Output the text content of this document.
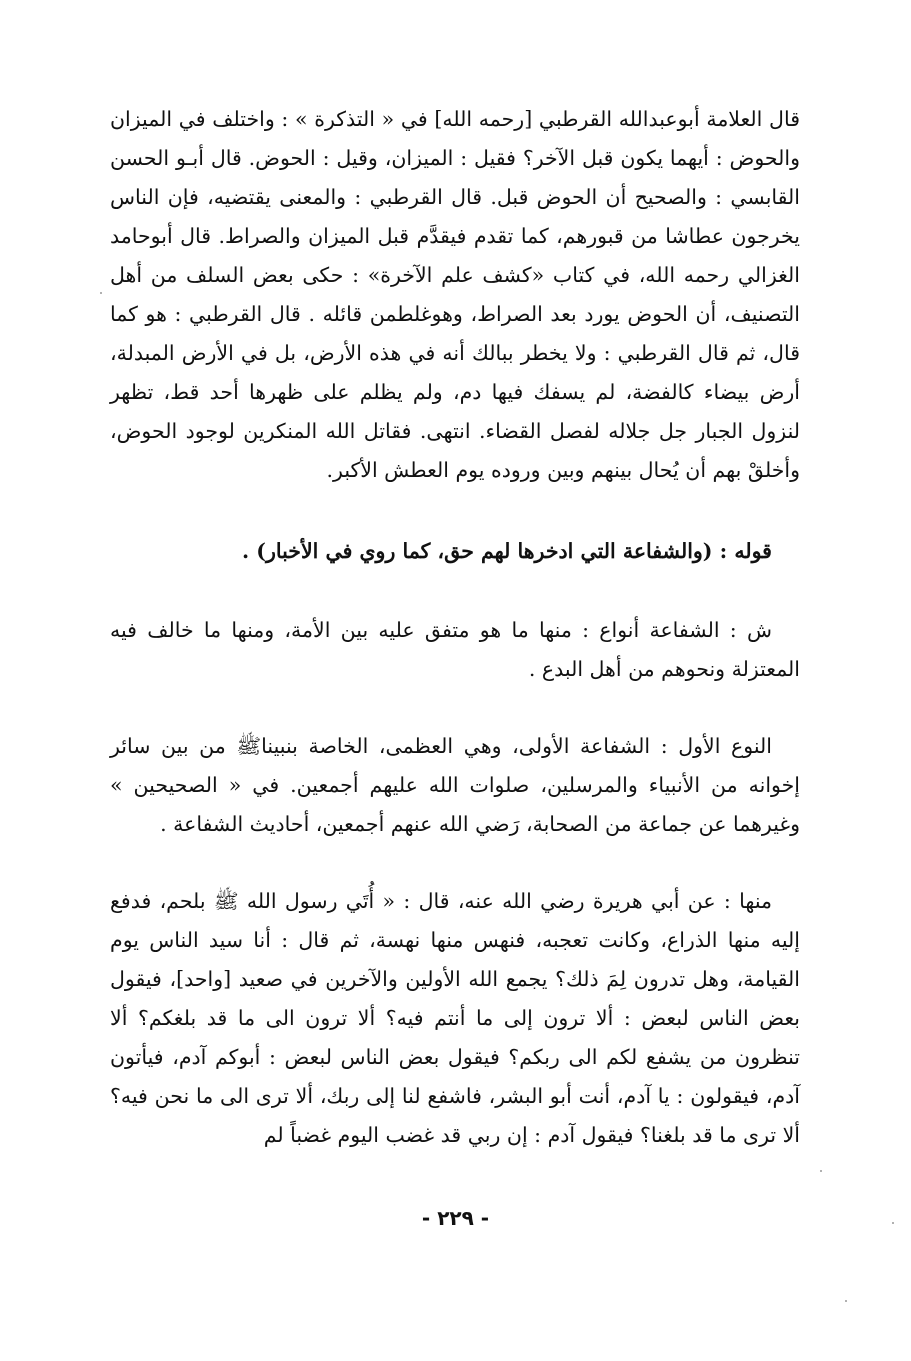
قال العلامة أبوعبدالله القرطبي [رحمه الله] في « التذكرة » : واختلف في الميزان والحوض : أيهما يكون قبل الآخر؟ فقيل : الميزان، وقيل : الحوض. قال أبـو الحسن القابسي : والصحيح أن الحوض قبل. قال القرطبي : والمعنى يقتضيه، فإن الناس يخرجون عطاشا من قبورهم، كما تقدم فيقدَّم قبل الميزان والصراط. قال أبوحامد الغزالي رحمه الله، في كتاب «كشف علم الآخرة» : حكى بعض السلف من أهل التصنيف، أن الحوض يورد بعد الصراط، وهوغلطمن قائله . قال القرطبي : هو كما قال، ثم قال القرطبي : ولا يخطر ببالك أنه في هذه الأرض، بل في الأرض المبدلة، أرض بيضاء كالفضة، لم يسفك فيها دم، ولم يظلم على ظهرها أحد قط، تظهر لنزول الجبار جل جلاله لفصل القضاء. انتهى. فقاتل الله المنكرين لوجود الحوض، وأخلقْ بهم أن يُحال بينهم وبين وروده يوم العطش الأكبر.

قوله : (والشفاعة التي ادخرها لهم حق، كما روي في الأخبار) .

ش : الشفاعة أنواع : منها ما هو متفق عليه بين الأمة، ومنها ما خالف فيه المعتزلة ونحوهم من أهل البدع .

النوع الأول : الشفاعة الأولى، وهي العظمى، الخاصة بنبيناﷺ من بين سائر إخوانه من الأنبياء والمرسلين، صلوات الله عليهم أجمعين. في « الصحيحين » وغيرهما عن جماعة من الصحابة، رَضي الله عنهم أجمعين، أحاديث الشفاعة .

منها : عن أبي هريرة رضي الله عنه، قال : « أُتَي رسول الله ﷺ بلحم، فدفع إليه منها الذراع، وكانت تعجبه، فنهس منها نهسة، ثم قال : أنا سيد الناس يوم القيامة، وهل تدرون لِمَ ذلك؟ يجمع الله الأولين والآخرين في صعيد [واحد]، فيقول بعض الناس لبعض : ألا ترون إلى ما أنتم فيه؟ ألا ترون الى ما قد بلغكم؟ ألا تنظرون من يشفع لكم الى ربكم؟ فيقول بعض الناس لبعض : أبوكم آدم، فيأتون آدم، فيقولون : يا آدم، أنت أبو البشر، فاشفع لنا إلى ربك، ألا ترى الى ما نحن فيه؟ ألا ترى ما قد بلغنا؟ فيقول آدم : إن ربي قد غضب اليوم غضباً لم

- ٢٢٩ -
